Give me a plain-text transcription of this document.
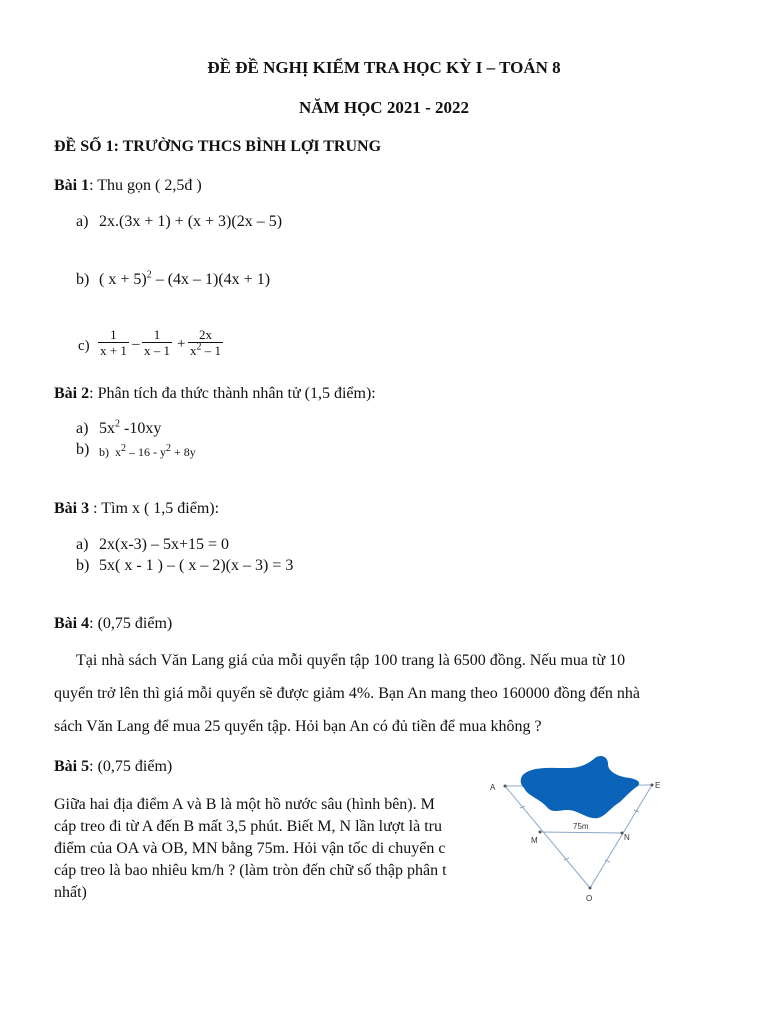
ĐỀ ĐỀ NGHỊ KIỂM TRA HỌC KỲ I – TOÁN 8
NĂM HỌC 2021 - 2022
ĐỀ SỐ 1: TRƯỜNG THCS BÌNH LỢI TRUNG
Bài 1: Thu gọn ( 2,5đ )
a) 2x.(3x + 1) + (x + 3)(2x – 5)
b) ( x + 5)$^2$ – (4x – 1)(4x + 1)
$c) \frac{1}{x + 1} - \frac{1}{x - 1} + \frac{2x}{x^2 - 1}$
Bài 2: Phân tích đa thức thành nhân tử (1,5 điểm):
a) $5x^2$ -10xy
b) b) $x^2 - 16 - y^2 + 8y$
Bài 3 : Tìm x ( 1,5 điểm):
a) 2x(x-3) – 5x+15 = 0
b) 5x( x - 1 ) – ( x – 2)(x – 3) = 3
Bài 4: (0,75 điểm)
Tại nhà sách Văn Lang giá của mỗi quyển tập 100 trang là 6500 đồng. Nếu mua từ 10
quyển trở lên thì giá mỗi quyển sẽ được giảm 4%. Bạn An mang theo 160000 đồng đến nhà
sách Văn Lang để mua 25 quyển tập. Hỏi bạn An có đủ tiền để mua không ?
Bài 5: (0,75 điểm)
Giữa hai địa điểm A và B là một hồ nước sâu (hình bên). M
cáp treo đi từ A đến B mất 3,5 phút. Biết M, N lần lượt là tru
điểm của OA và OB, MN bằng 75m. Hỏi vận tốc di chuyển c
cáp treo là bao nhiêu km/h ? (làm tròn đến chữ số thập phân t
nhất)
A	E
M	N
O
75m
